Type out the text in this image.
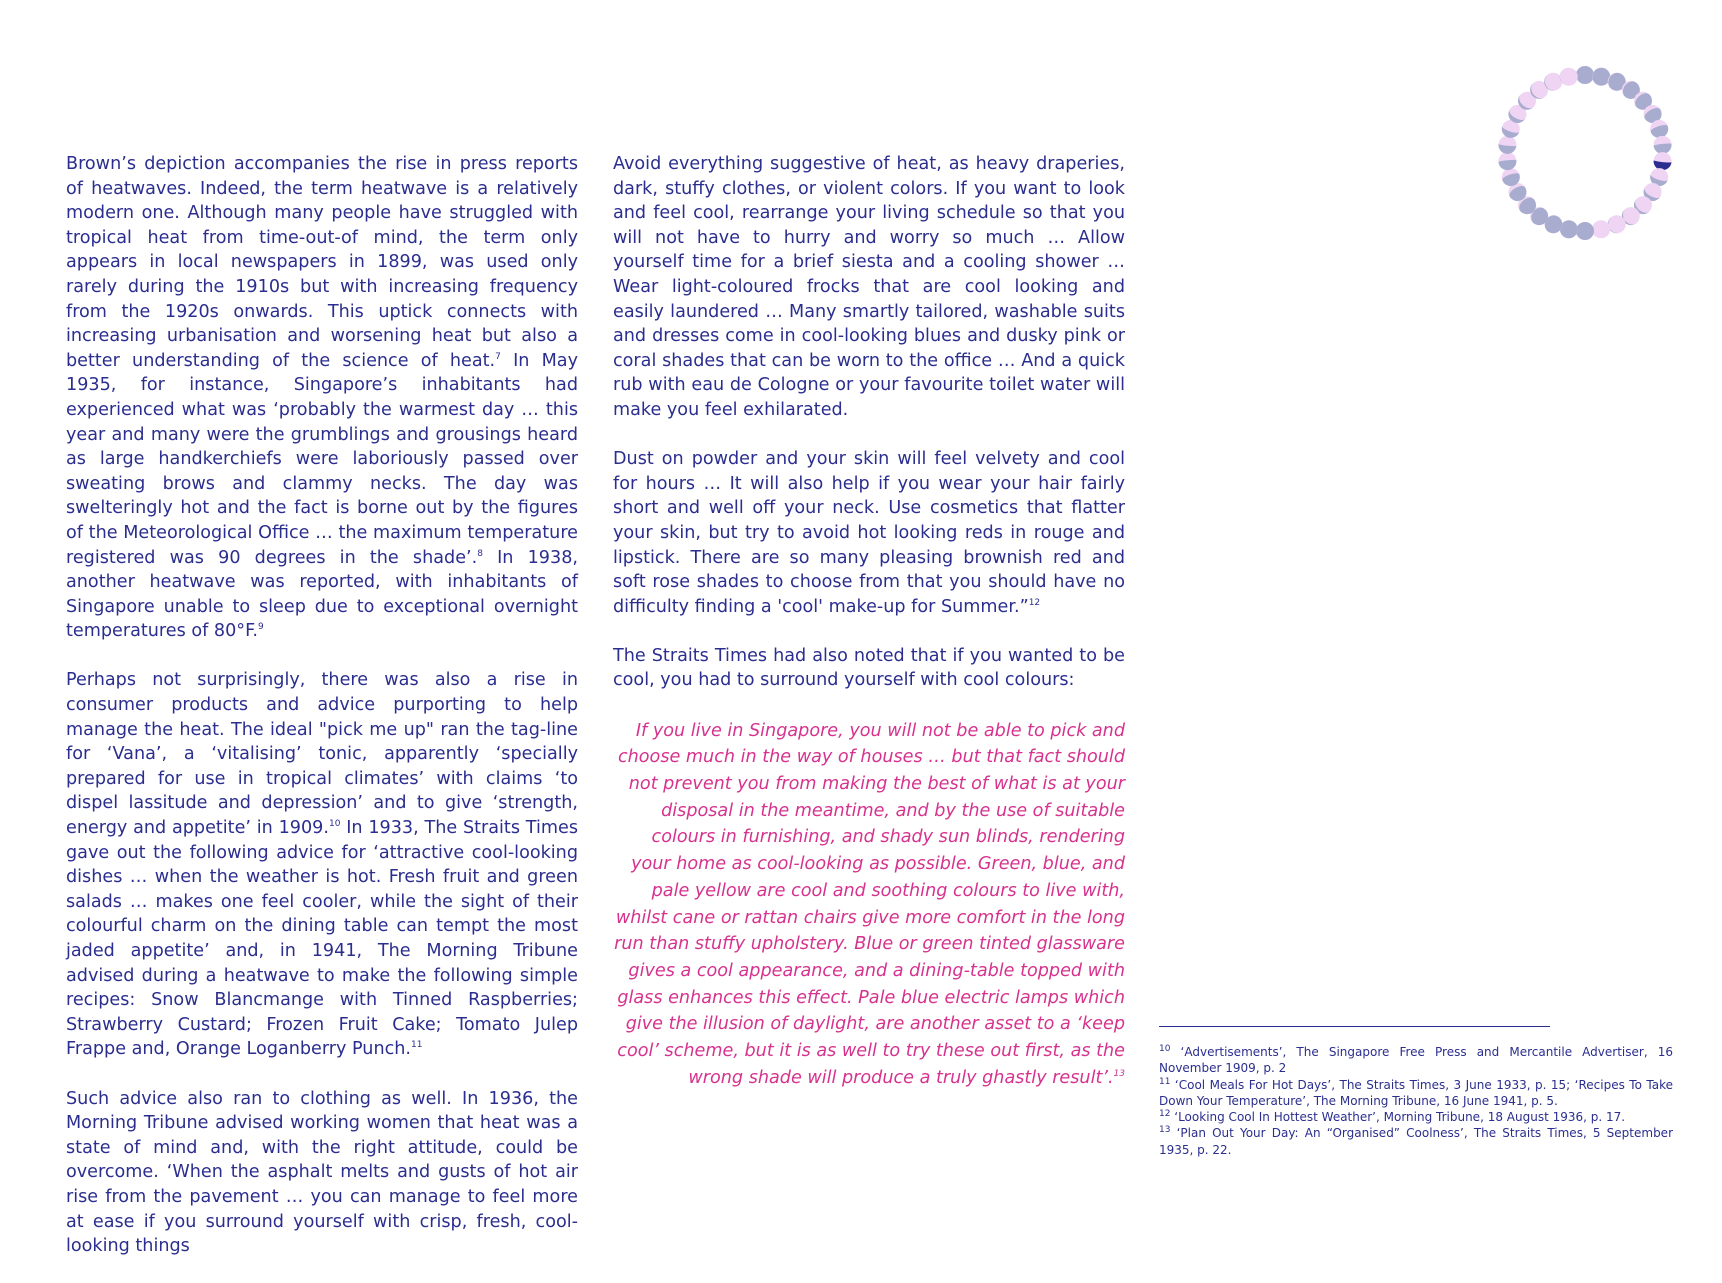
Brown’s depiction accompanies the rise in press reports of heatwaves. Indeed, the term heatwave is a relatively modern one. Although many people have struggled with tropical heat from time-out-of mind, the term only appears in local newspapers in 1899, was used only rarely during the 1910s but with increasing frequency from the 1920s onwards. This uptick connects with increasing urbanisation and worsening heat but also a better understanding of the science of heat.$^7$ In May 1935, for instance, Singapore’s inhabitants had experienced what was ‘probably the warmest day … this year and many were the grumblings and grousings heard as large handkerchiefs were laboriously passed over sweating brows and clammy necks. The day was swelteringly hot and the fact is borne out by the figures of the Meteorological Office … the maximum temperature registered was 90 degrees in the shade’.$^8$ In 1938, another heatwave was reported, with inhabitants of Singapore unable to sleep due to exceptional overnight temperatures of 80°F.$^9$

Perhaps not surprisingly, there was also a rise in consumer products and advice purporting to help manage the heat. The ideal "pick me up" ran the tag-line for ‘Vana’, a ‘vitalising’ tonic, apparently ‘specially prepared for use in tropical climates’ with claims ‘to dispel lassitude and depression’ and to give ‘strength, energy and appetite’ in 1909.10 In 1933, The Straits Times gave out the following advice for ‘attractive cool-looking dishes … when the weather is hot. Fresh fruit and green salads … makes one feel cooler, while the sight of their colourful charm on the dining table can tempt the most jaded appetite’ and, in 1941, The Morning Tribune advised during a heatwave to make the following simple recipes: Snow Blancmange with Tinned Raspberries; Strawberry Custard; Frozen Fruit Cake; Tomato Julep Frappe and, Orange Loganberry Punch.$^{11}$

Such advice also ran to clothing as well. In 1936, the Morning Tribune advised working women that heat was a state of mind and, with the right attitude, could be overcome. ‘When the asphalt melts and gusts of hot air rise from the pavement … you can manage to feel more at ease if you surround yourself with crisp, fresh, cool-looking things

Avoid everything suggestive of heat, as heavy draperies, dark, stuffy clothes, or violent colors. If you want to look and feel cool, rearrange your living schedule so that you will not have to hurry and worry so much … Allow yourself time for a brief siesta and a cooling shower … Wear light-coloured frocks that are cool looking and easily laundered … Many smartly tailored, washable suits and dresses come in cool-looking blues and dusky pink or coral shades that can be worn to the office … And a quick rub with eau de Cologne or your favourite toilet water will make you feel exhilarated.

Dust on powder and your skin will feel velvety and cool for hours … It will also help if you wear your hair fairly short and well off your neck. Use cosmetics that flatter your skin, but try to avoid hot looking reds in rouge and lipstick. There are so many pleasing brownish red and soft rose shades to choose from that you should have no difficulty finding a 'cool' make-up for Summer.”$^{12}$

The Straits Times had also noted that if you wanted to be cool, you had to surround yourself with cool colours:

If you live in Singapore, you will not be able to pick and choose much in the way of houses … but that fact should not prevent you from making the best of what is at your disposal in the meantime, and by the use of suitable colours in furnishing, and shady sun blinds, rendering your home as cool-looking as possible. Green, blue, and pale yellow are cool and soothing colours to live with, whilst cane or rattan chairs give more comfort in the long run than stuffy upholstery. Blue or green tinted glassware gives a cool appearance, and a dining-table topped with glass enhances this effect. Pale blue electric lamps which give the illusion of daylight, are another asset to a ‘keep cool’ scheme, but it is as well to try these out first, as the wrong shade will produce a truly ghastly result’.$^{13}$

$^{10}$ ‘Advertisements’, The Singapore Free Press and Mercantile Advertiser, 16 November 1909, p. 2

$^{11}$ ‘Cool Meals For Hot Days’, The Straits Times, 3 June 1933, p. 15; ‘Recipes To Take Down Your Temperature’, The Morning Tribune, 16 June 1941, p. 5.

$^{12}$ ‘Looking Cool In Hottest Weather’, Morning Tribune, 18 August 1936, p. 17.

$^{13}$ ‘Plan Out Your Day: An “Organised” Coolness’, The Straits Times, 5 September 1935, p. 22.
